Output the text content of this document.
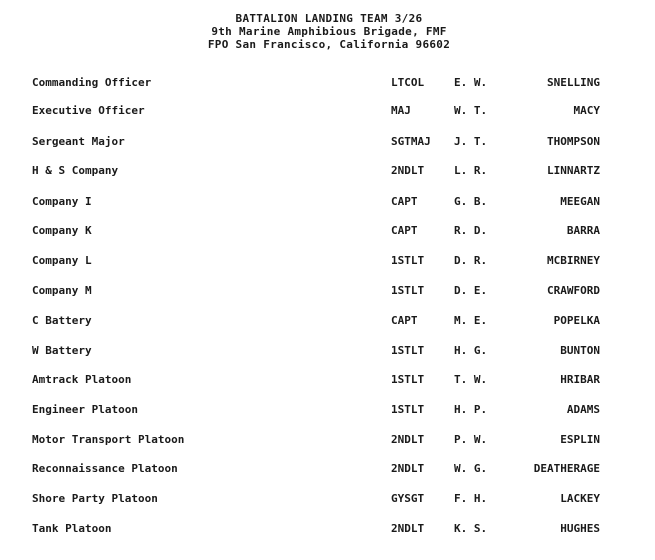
BATTALION LANDING TEAM 3/26
9th Marine Amphibious Brigade, FMF
FPO San Francisco, California 96602
Commanding Officer	LTCOL	E. W.	SNELLING
Executive Officer	MAJ	W. T.	MACY
Sergeant Major	SGTMAJ J. T.	THOMPSON
H & S Company	2NDLT	L. R.	LINNARTZ
Company I	CAPT	G. B.	MEEGAN
Company K	CAPT	R. D.	BARRA
Company L	1STLT	D. R.	MCBIRNEY
Company M	1STLT	D. E.	CRAWFORD
C Battery	CAPT	M. E.	POPELKA
W Battery	1STLT	H. G.	BUNTON
Amtrack Platoon	1STLT	T. W.	HRIBAR
Engineer Platoon	1STLT	H. P.	ADAMS
Motor Transport Platoon	2NDLT	P. W.	ESPLIN
Reconnaissance Platoon	2NDLT	W. G.	DEATHERAGE
Shore Party Platoon	GYSGT	F. H.	LACKEY
Tank Platoon	2NDLT	K. S.	HUGHES
